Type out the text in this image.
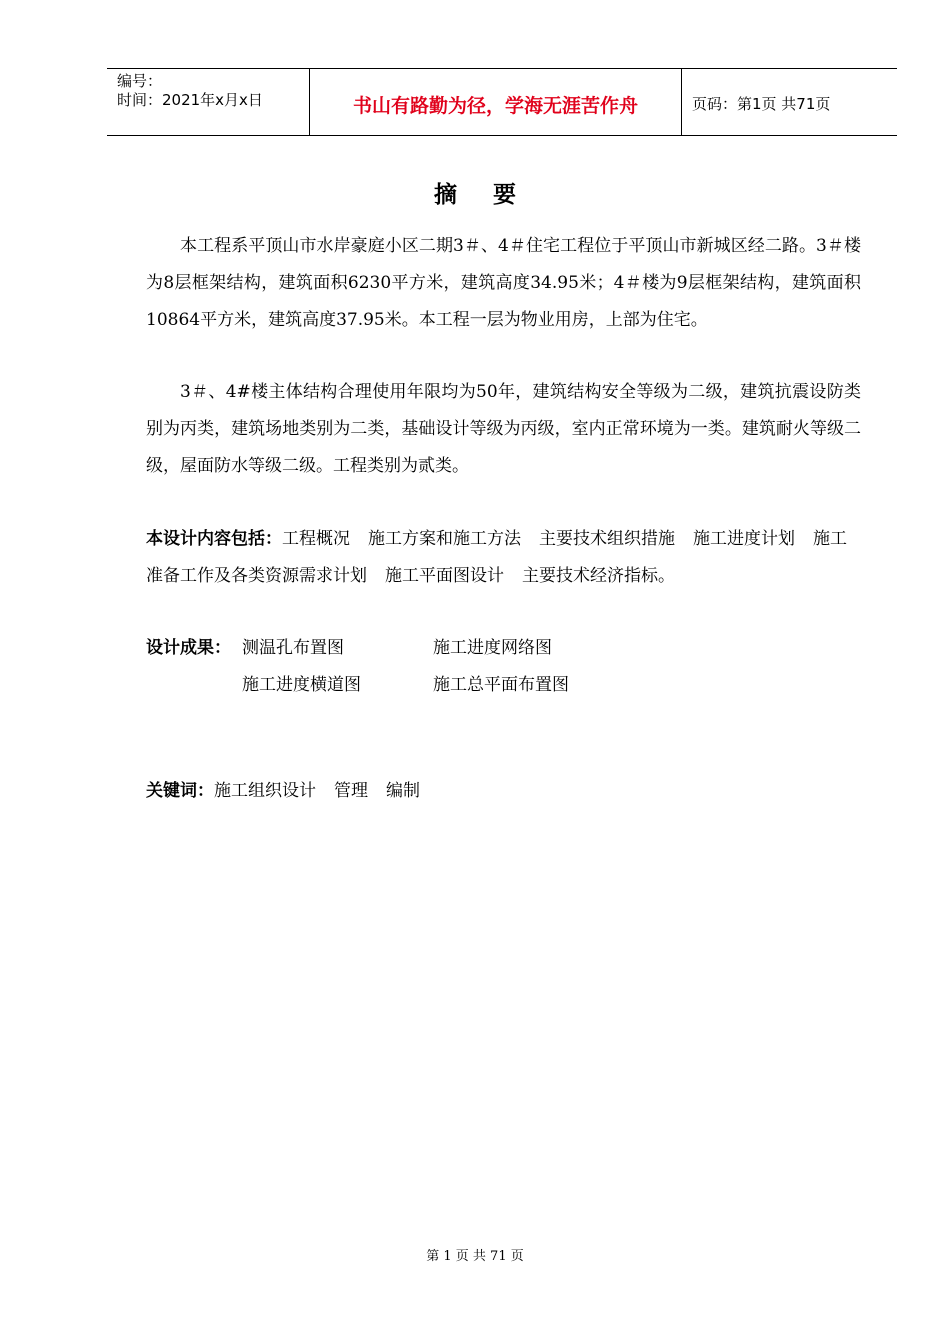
编号：
时间：2021年x月x日	书山有路勤为径，学海无涯苦作舟	页码：第1页 共71页
摘要

本工程系平顶山市水岸豪庭小区二期3＃、4＃住宅工程位于平顶山市新城区经二路。3＃楼为8层框架结构，建筑面积6230平方米，建筑高度34.95米；4＃楼为9层框架结构，建筑面积10864平方米，建筑高度37.95米。本工程一层为物业用房，上部为住宅。

3＃、4#楼主体结构合理使用年限均为50年，建筑结构安全等级为二级，建筑抗震设防类别为丙类，建筑场地类别为二类，基础设计等级为丙级，室内正常环境为一类。建筑耐火等级二级，屋面防水等级二级。工程类别为贰类。

本设计内容包括：工程概况 施工方案和施工方法 主要技术组织措施 施工进度计划 施工准备工作及各类资源需求计划 施工平面图设计 主要技术经济指标。

设计成果： 测温孔布置图	施工进度网络图
施工进度横道图	施工总平面布置图
关键词：施工组织设计 管理 编制
第 1 页 共 71 页
